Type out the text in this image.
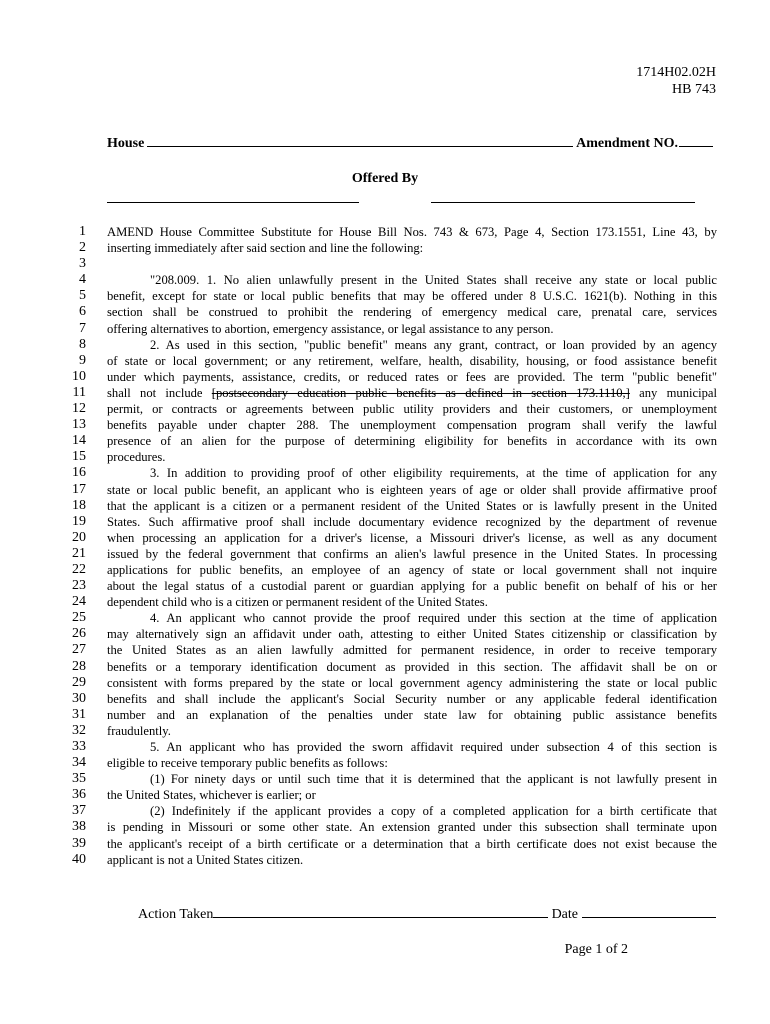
1714H02.02H
HB 743
House	Amendment NO.
Offered By
1
2
3
4
5
6
7
8
9
10
11
12
13
14
15
16
17
18
19
20
21
22
23
24
25
26
27
28
29
30
31
32
33
34
35
36
37
38
39
40
AMEND House Committee Substitute for House Bill Nos. 743 & 673, Page 4, Section 173.1551, Line 43, by
inserting immediately after said section and line the following:
"208.009. 1. No alien unlawfully present in the United States shall receive any state or local public
benefit, except for state or local public benefits that may be offered under 8 U.S.C. 1621(b). Nothing in this
section shall be construed to prohibit the rendering of emergency medical care, prenatal care, services
offering alternatives to abortion, emergency assistance, or legal assistance to any person.
2. As used in this section, "public benefit" means any grant, contract, or loan provided by an agency
of state or local government; or any retirement, welfare, health, disability, housing, or food assistance benefit
under which payments, assistance, credits, or reduced rates or fees are provided. The term "public benefit"
shall not include [postsecondary education public benefits as defined in section 173.1110,] any municipal
permit, or contracts or agreements between public utility providers and their customers, or unemployment
benefits payable under chapter 288. The unemployment compensation program shall verify the lawful
presence of an alien for the purpose of determining eligibility for benefits in accordance with its own
procedures.
3. In addition to providing proof of other eligibility requirements, at the time of application for any
state or local public benefit, an applicant who is eighteen years of age or older shall provide affirmative proof
that the applicant is a citizen or a permanent resident of the United States or is lawfully present in the United
States. Such affirmative proof shall include documentary evidence recognized by the department of revenue
when processing an application for a driver's license, a Missouri driver's license, as well as any document
issued by the federal government that confirms an alien's lawful presence in the United States. In processing
applications for public benefits, an employee of an agency of state or local government shall not inquire
about the legal status of a custodial parent or guardian applying for a public benefit on behalf of his or her
dependent child who is a citizen or permanent resident of the United States.
4. An applicant who cannot provide the proof required under this section at the time of application
may alternatively sign an affidavit under oath, attesting to either United States citizenship or classification by
the United States as an alien lawfully admitted for permanent residence, in order to receive temporary
benefits or a temporary identification document as provided in this section. The affidavit shall be on or
consistent with forms prepared by the state or local government agency administering the state or local public
benefits and shall include the applicant's Social Security number or any applicable federal identification
number and an explanation of the penalties under state law for obtaining public assistance benefits
fraudulently.
5. An applicant who has provided the sworn affidavit required under subsection 4 of this section is
eligible to receive temporary public benefits as follows:
(1) For ninety days or until such time that it is determined that the applicant is not lawfully present in
the United States, whichever is earlier; or
(2) Indefinitely if the applicant provides a copy of a completed application for a birth certificate that
is pending in Missouri or some other state. An extension granted under this subsection shall terminate upon
the applicant's receipt of a birth certificate or a determination that a birth certificate does not exist because the
applicant is not a United States citizen.
Action Taken	Date
Page 1 of 2
